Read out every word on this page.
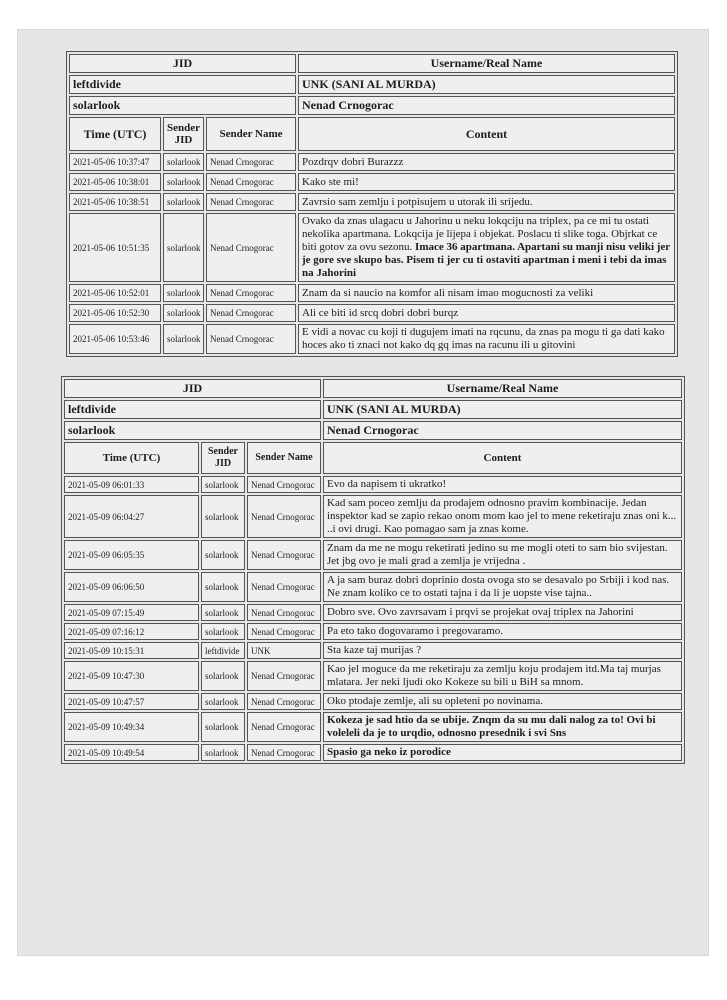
JID			Username/Real Name
leftdivide			UNK (SANI AL MURDA)
solarlook			Nenad Crnogorac
Time (UTC)	Sender JID	Sender Name	Content
2021-05-06 10:37:47	solarlook	Nenad Crnogorac	Pozdrqv dobri Burazzz
2021-05-06 10:38:01	solarlook	Nenad Crnogorac	Kako ste mi!
2021-05-06 10:38:51	solarlook	Nenad Crnogorac	Zavrsio sam zemlju i potpisujem u utorak ili srijedu.
2021-05-06 10:51:35	solarlook	Nenad Crnogorac	Ovako da znas ulagacu u Jahorinu u neku lokqciju na triplex, pa ce mi tu ostati nekolika apartmana. Lokqcija je lijepa i objekat. Poslacu ti slike toga. Objrkat ce biti gotov za ovu sezonu. Imace 36 apartmana. Apartani su manji nisu veliki jer je gore sve skupo bas. Pisem ti jer cu ti ostaviti apartman i meni i tebi da imas na Jahorini
2021-05-06 10:52:01	solarlook	Nenad Crnogorac	Znam da si naucio na komfor ali nisam imao mogucnosti za veliki
2021-05-06 10:52:30	solarlook	Nenad Crnogorac	Ali ce biti id srcq dobri dobri burqz
2021-05-06 10:53:46	solarlook	Nenad Crnogorac	E vidi a novac cu koji ti dugujem imati na rqcunu, da znas pa mogu ti ga dati kako hoces ako ti znaci not kako dq gq imas na racunu ili u gitovini
JID			Username/Real Name
leftdivide			UNK (SANI AL MURDA)
solarlook			Nenad Crnogorac
Time (UTC)	Sender JID	Sender Name	Content
2021-05-09 06:01:33	solarlook	Nenad Crnogorac	Evo da napisem ti ukratko!
2021-05-09 06:04:27	solarlook	Nenad Crnogorac	Kad sam poceo zemlju da prodajem odnosno pravim kombinacije. Jedan inspektor kad se zapio rekao onom mom kao jel to mene reketiraju znas oni k... ..i ovi drugi. Kao pomagao sam ja znas kome.
2021-05-09 06:05:35	solarlook	Nenad Crnogorac	Znam da me ne mogu reketirati jedino su me mogli oteti to sam bio svijestan. Jet jbg ovo je mali grad a zemlja je vrijedna .
2021-05-09 06:06:50	solarlook	Nenad Crnogorac	A ja sam buraz dobri doprinio dosta ovoga sto se desavalo po Srbiji i kod nas. Ne znam koliko ce to ostati tajna i da li je uopste vise tajna..
2021-05-09 07:15:49	solarlook	Nenad Crnogorac	Dobro sve. Ovo zavrsavam i prqvi se projekat ovaj triplex na Jahorini
2021-05-09 07:16:12	solarlook	Nenad Crnogorac	Pa eto tako dogovaramo i pregovaramo.
2021-05-09 10:15:31	leftdivide	UNK	Sta kaze taj murijas ?
2021-05-09 10:47:30	solarlook	Nenad Crnogorac	Kao jel moguce da me reketiraju za zemlju koju prodajem itd.Ma taj murjas mlatara. Jer neki ljudi oko Kokeze su bili u BiH sa mnom.
2021-05-09 10:47:57	solarlook	Nenad Crnogorac	Oko ptodaje zemlje, ali su opleteni po novinama.
2021-05-09 10:49:34	solarlook	Nenad Crnogorac	Kokeza je sad htio da se ubije. Znqm da su mu dali nalog za to! Ovi bi voleleli da je to urqdio, odnosno presednik i svi Sns
2021-05-09 10:49:54	solarlook	Nenad Crnogorac	Spasio ga neko iz porodice
